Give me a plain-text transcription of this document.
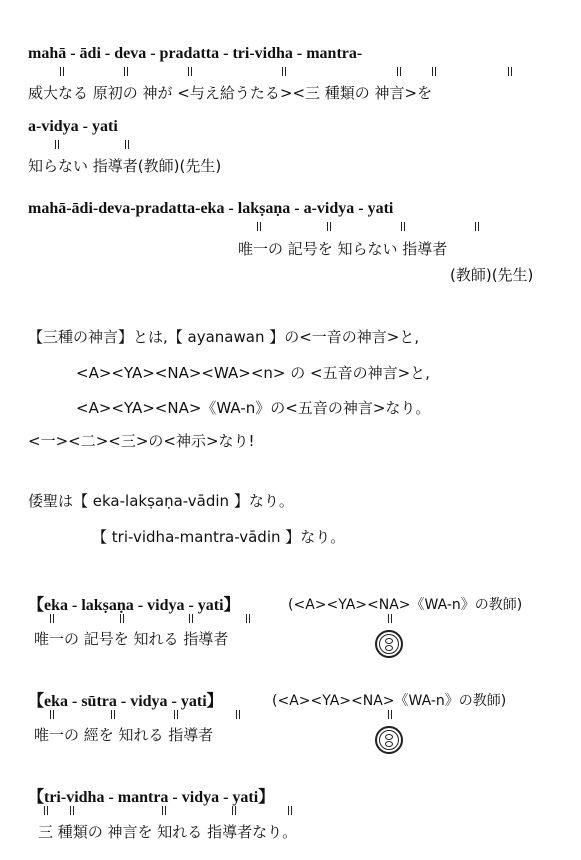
mahā - ādi - deva - pradatta - tri-vidha - mantra-
威大なる 原初の 神が <与え給うたる><三 種類の 神言>を
a-vidya - yati
知らない 指導者(教師)(先生)
mahā-ādi-deva-pradatta-eka - lakṣaṇa - a-vidya - yati
唯一の 記号を 知らない 指導者
(教師)(先生)
【三種の神言】とは,【 ayanawan 】の<一音の神言>と,
<A><YA><NA><WA><n> の <五音の神言>と,
<A><YA><NA>《WA-n》の<五音の神言>なり。
<一><二><三>の<神示>なり!
倭聖は【 eka-lakṣaṇa-vādin 】なり。
【 tri-vidha-mantra-vādin 】なり。
【eka - lakṣaṇa - vidya - yati】	(<A><YA><NA>《WA-n》の教師)
唯一の 記号を 知れる 指導者
【eka - sūtra - vidya - yati】	(<A><YA><NA>《WA-n》の教師)
唯一の 經を 知れる 指導者
【tri-vidha - mantra - vidya - yati】
三 種類の 神言を 知れる 指導者なり。
